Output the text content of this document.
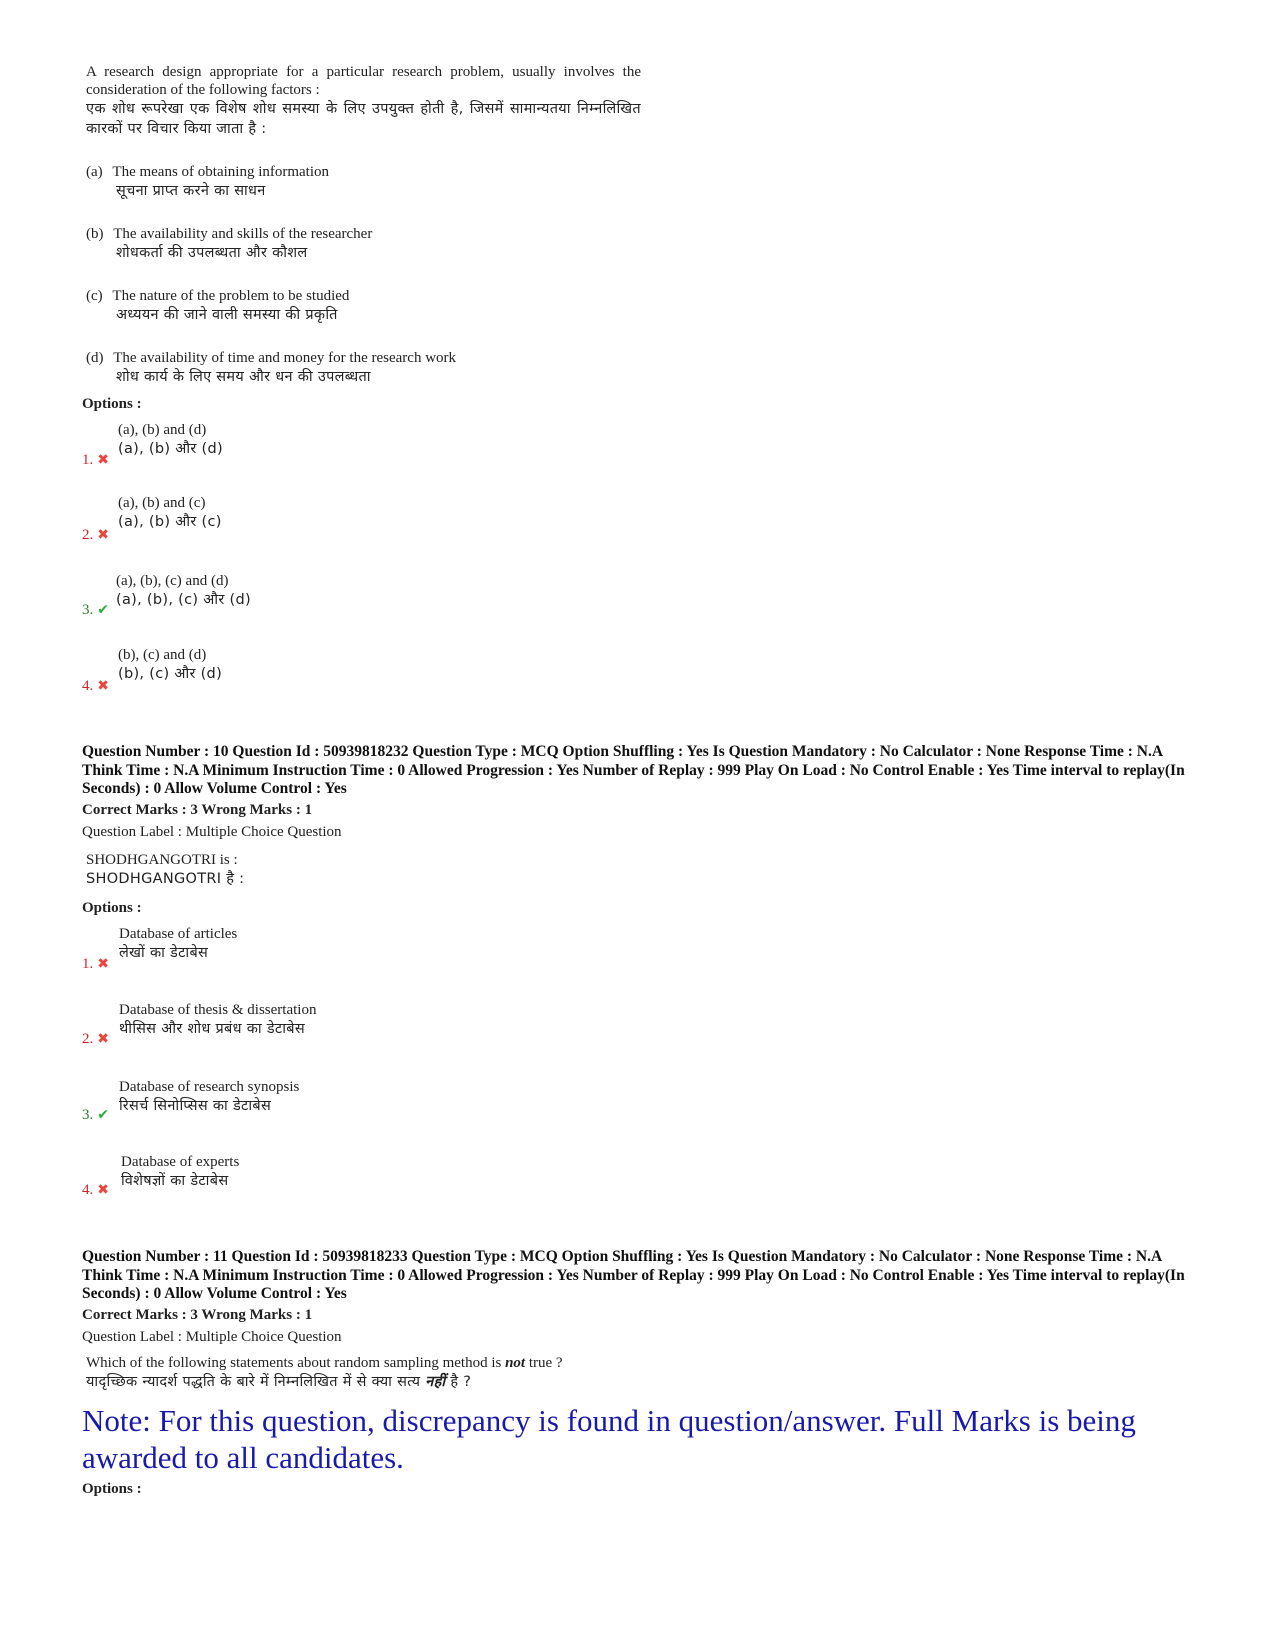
A research design appropriate for a particular research problem, usually involves the consideration of the following factors :
एक शोध रूपरेखा एक विशेष शोध समस्या के लिए उपयुक्त होती है, जिसमें सामान्यतया निम्नलिखित कारकों पर विचार किया जाता है :
(a) The means of obtaining information
सूचना प्राप्त करने का साधन
(b) The availability and skills of the researcher
शोधकर्ता की उपलब्धता और कौशल
(c) The nature of the problem to be studied
अध्ययन की जाने वाली समस्या की प्रकृति
(d) The availability of time and money for the research work
शोध कार्य के लिए समय और धन की उपलब्धता
Options :
(a), (b) and (d)
(a), (b) और (d)
1. ✖
(a), (b) and (c)
(a), (b) और (c)
2. ✖
(a), (b), (c) and (d)
(a), (b), (c) और (d)
3. ✔
(b), (c) and (d)
(b), (c) और (d)
4. ✖
Question Number : 10 Question Id : 50939818232 Question Type : MCQ Option Shuffling : Yes Is Question Mandatory : No Calculator : None Response Time : N.A Think Time : N.A Minimum Instruction Time : 0 Allowed Progression : Yes Number of Replay : 999 Play On Load : No Control Enable : Yes Time interval to replay(In Seconds) : 0 Allow Volume Control : Yes
Correct Marks : 3 Wrong Marks : 1
Question Label : Multiple Choice Question
SHODHGANGOTRI is :
SHODHGANGOTRI है :
Options :
Database of articles
लेखों का डेटाबेस
1. ✖
Database of thesis & dissertation
थीसिस और शोध प्रबंध का डेटाबेस
2. ✖
Database of research synopsis
रिसर्च सिनोप्सिस का डेटाबेस
3. ✔
Database of experts
विशेषज्ञों का डेटाबेस
4. ✖
Question Number : 11 Question Id : 50939818233 Question Type : MCQ Option Shuffling : Yes Is Question Mandatory : No Calculator : None Response Time : N.A Think Time : N.A Minimum Instruction Time : 0 Allowed Progression : Yes Number of Replay : 999 Play On Load : No Control Enable : Yes Time interval to replay(In Seconds) : 0 Allow Volume Control : Yes
Correct Marks : 3 Wrong Marks : 1
Question Label : Multiple Choice Question
Which of the following statements about random sampling method is not true ?
यादृच्छिक न्यादर्श पद्धति के बारे में निम्नलिखित में से क्या सत्य नहीं है ?
Note: For this question, discrepancy is found in question/answer. Full Marks is being awarded to all candidates.
Options :
